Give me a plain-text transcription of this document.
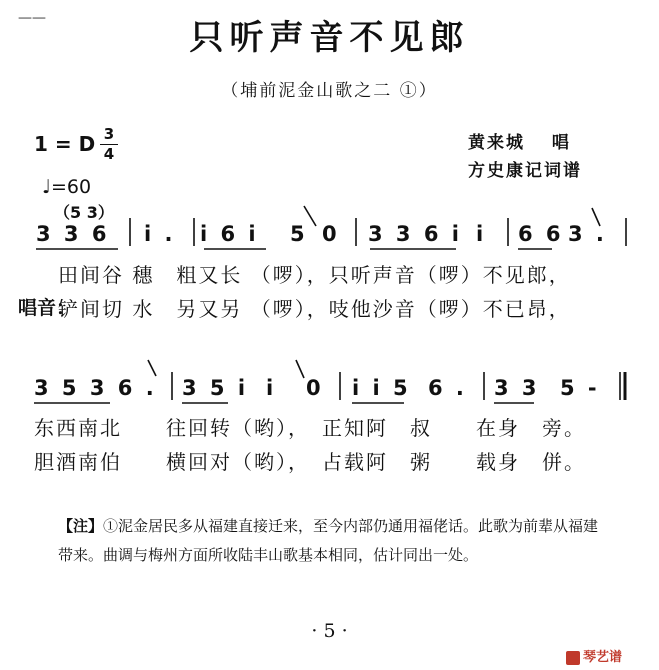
——	只听声音不见郎
（埔前泥金山歌之二 ①）
1 = D 3
4
♩=60
黄来城　 唱
方史康记词谱
（5 3）
3 3 6 i . i 6 i 5 0 3 3 6 i i 6 6 3 .
田间谷 穗　粗又长 （啰），只听声音（啰）不见郎，
唱音：
铲间切 水　另又另 （啰），吱他沙音（啰）不已昂，
3 5 3 6 . 3 5 i i 0 i i 5 6 . 3 3 5 -
东西南北　　往回转（哟），　正知阿　叔　　在身　旁。
胆酒南伯　　横回对（哟），　占载阿　粥　　载身　併。
【注】①泥金居民多从福建直接迁来，至今内部仍通用福佬话。此歌为前辈从福建带来。曲调与梅州方面所收陆丰山歌基本相同，估计同出一处。
· 5 ·
琴艺谱
